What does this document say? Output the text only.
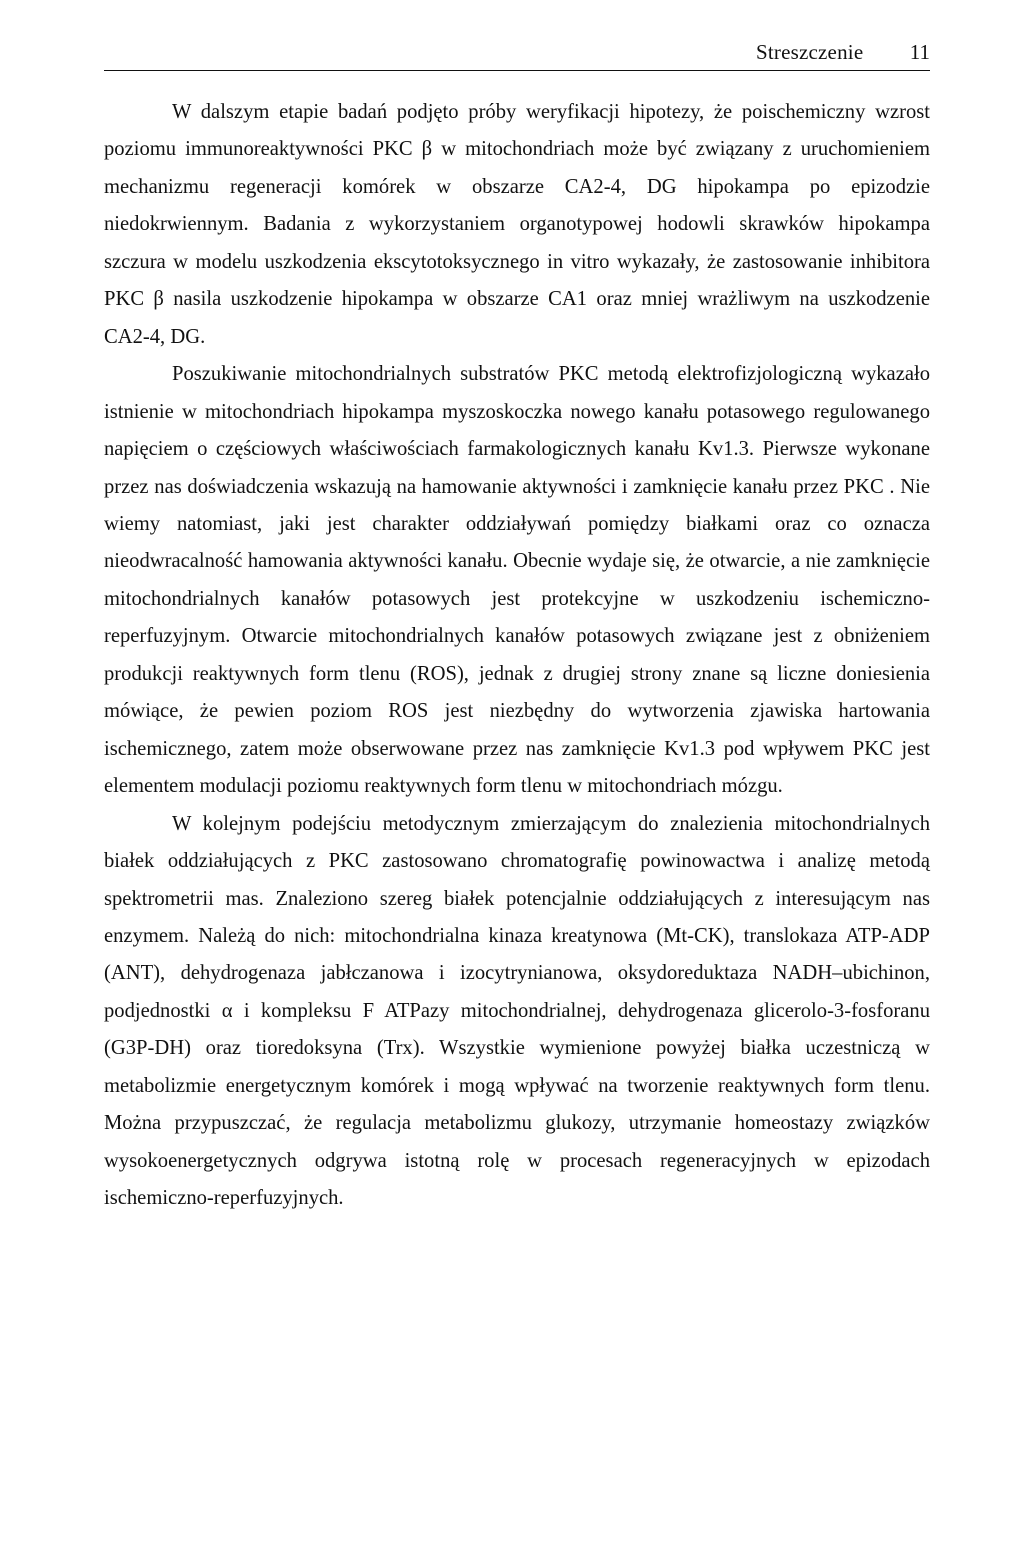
Streszczenie 11

W dalszym etapie badań podjęto próby weryfikacji hipotezy, że poischemiczny wzrost poziomu immunoreaktywności PKC β w mitochondriach może być związany z uruchomieniem mechanizmu regeneracji komórek w obszarze CA2-4, DG hipokampa po epizodzie niedokrwiennym. Badania z wykorzystaniem organotypowej hodowli skrawków hipokampa szczura w modelu uszkodzenia ekscytotoksycznego in vitro wykazały, że zastosowanie inhibitora PKC β nasila uszkodzenie hipokampa w obszarze CA1 oraz mniej wrażliwym na uszkodzenie CA2-4, DG.

Poszukiwanie mitochondrialnych substratów PKC metodą elektrofizjologiczną wykazało istnienie w mitochondriach hipokampa myszoskoczka nowego kanału potasowego regulowanego napięciem o częściowych właściwościach farmakologicznych kanału Kv1.3. Pierwsze wykonane przez nas doświadczenia wskazują na hamowanie aktywności i zamknięcie kanału przez PKC . Nie wiemy natomiast, jaki jest charakter oddziaływań pomiędzy białkami oraz co oznacza nieodwracalność hamowania aktywności kanału. Obecnie wydaje się, że otwarcie, a nie zamknięcie mitochondrialnych kanałów potasowych jest protekcyjne w uszkodzeniu ischemiczno-reperfuzyjnym. Otwarcie mitochondrialnych kanałów potasowych związane jest z obniżeniem produkcji reaktywnych form tlenu (ROS), jednak z drugiej strony znane są liczne doniesienia mówiące, że pewien poziom ROS jest niezbędny do wytworzenia zjawiska hartowania ischemicznego, zatem może obserwowane przez nas zamknięcie Kv1.3 pod wpływem PKC jest elementem modulacji poziomu reaktywnych form tlenu w mitochondriach mózgu.

W kolejnym podejściu metodycznym zmierzającym do znalezienia mitochondrialnych białek oddziałujących z PKC zastosowano chromatografię powinowactwa i analizę metodą spektrometrii mas. Znaleziono szereg białek potencjalnie oddziałujących z interesującym nas enzymem. Należą do nich: mitochondrialna kinaza kreatynowa (Mt-CK), translokaza ATP-ADP (ANT), dehydrogenaza jabłczanowa i izocytrynianowa, oksydoreduktaza NADH–ubichinon, podjednostki α i kompleksu F ATPazy mitochondrialnej, dehydrogenaza glicerolo-3-fosforanu (G3P-DH) oraz tioredoksyna (Trx). Wszystkie wymienione powyżej białka uczestniczą w metabolizmie energetycznym komórek i mogą wpływać na tworzenie reaktywnych form tlenu. Można przypuszczać, że regulacja metabolizmu glukozy, utrzymanie homeostazy związków wysokoenergetycznych odgrywa istotną rolę w procesach regeneracyjnych w epizodach ischemiczno-reperfuzyjnych.
